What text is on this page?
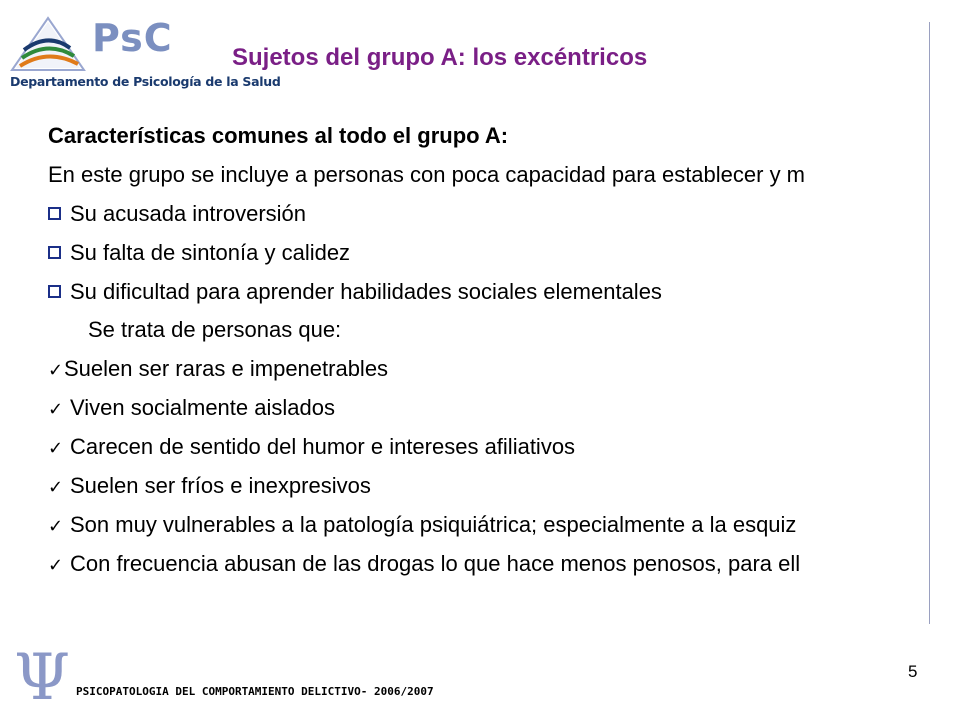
PsC
Departamento de Psicología de la Salud
Sujetos del grupo A: los excéntricos
Características comunes al todo el grupo A:
En este grupo se incluye a personas con poca capacidad para establecer y m
Su acusada introversión
Su falta de sintonía y calidez
Su dificultad para aprender habilidades sociales elementales
Se trata de personas que:
✓Suelen ser raras e impenetrables
✓ Viven socialmente aislados
✓ Carecen de sentido del humor e intereses afiliativos
✓ Suelen ser fríos e inexpresivos
✓ Son muy vulnerables a la patología psiquiátrica; especialmente a la esquiz
✓ Con frecuencia abusan de las drogas lo que hace menos penosos, para ell
Ψ PSICOPATOLOGIA DEL COMPORTAMIENTO DELICTIVO- 2006/2007
5
